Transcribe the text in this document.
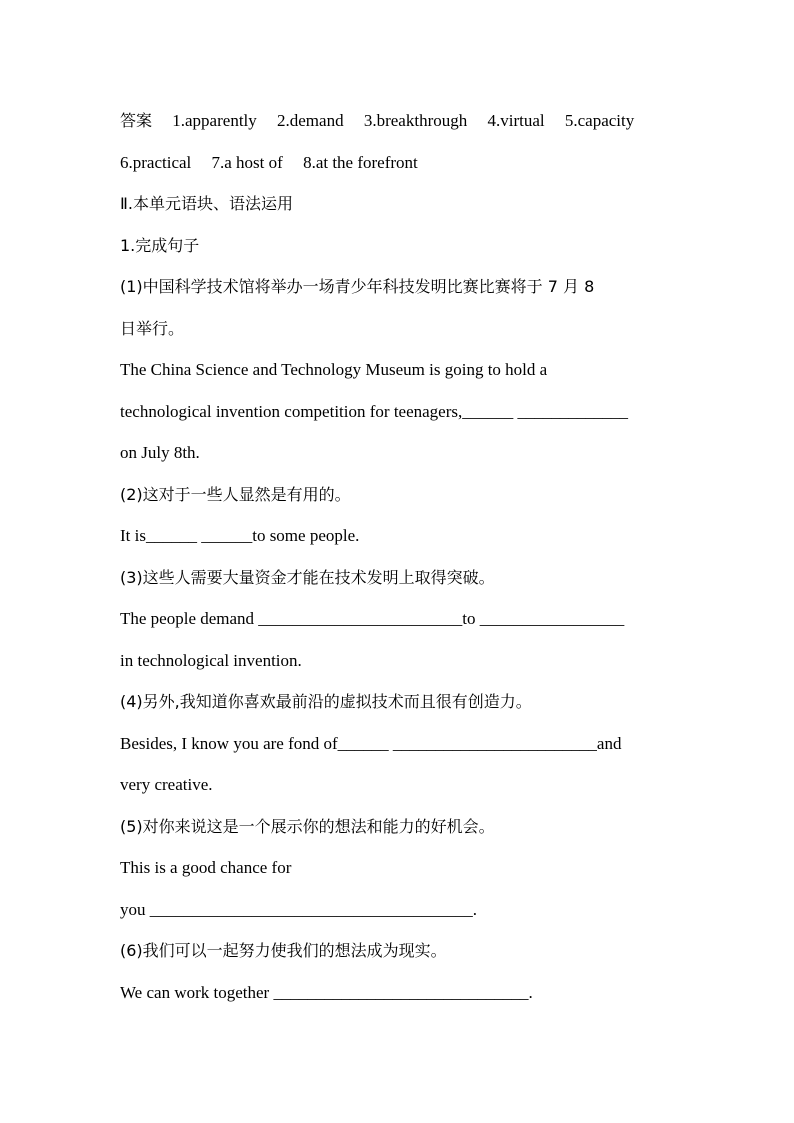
答案 1.apparently 2.demand 3.breakthrough 4.virtual 5.capacity
6.practical 7.a host of 8.at the forefront
Ⅱ.本单元语块、语法运用
1.完成句子
(1)中国科学技术馆将举办一场青少年科技发明比赛比赛将于 7 月 8
日举行。
The China Science and Technology Museum is going to hold a
technological invention competition for teenagers,______ _____________
on July 8th.
(2)这对于一些人显然是有用的。
It is______ ______to some people.
(3)这些人需要大量资金才能在技术发明上取得突破。
The people demand ________________________to _________________
in technological invention.
(4)另外,我知道你喜欢最前沿的虚拟技术而且很有创造力。
Besides, I know you are fond of______ ________________________and
very creative.
(5)对你来说这是一个展示你的想法和能力的好机会。
This is a good chance for
you ______________________________________.
(6)我们可以一起努力使我们的想法成为现实。
We can work together ______________________________.
